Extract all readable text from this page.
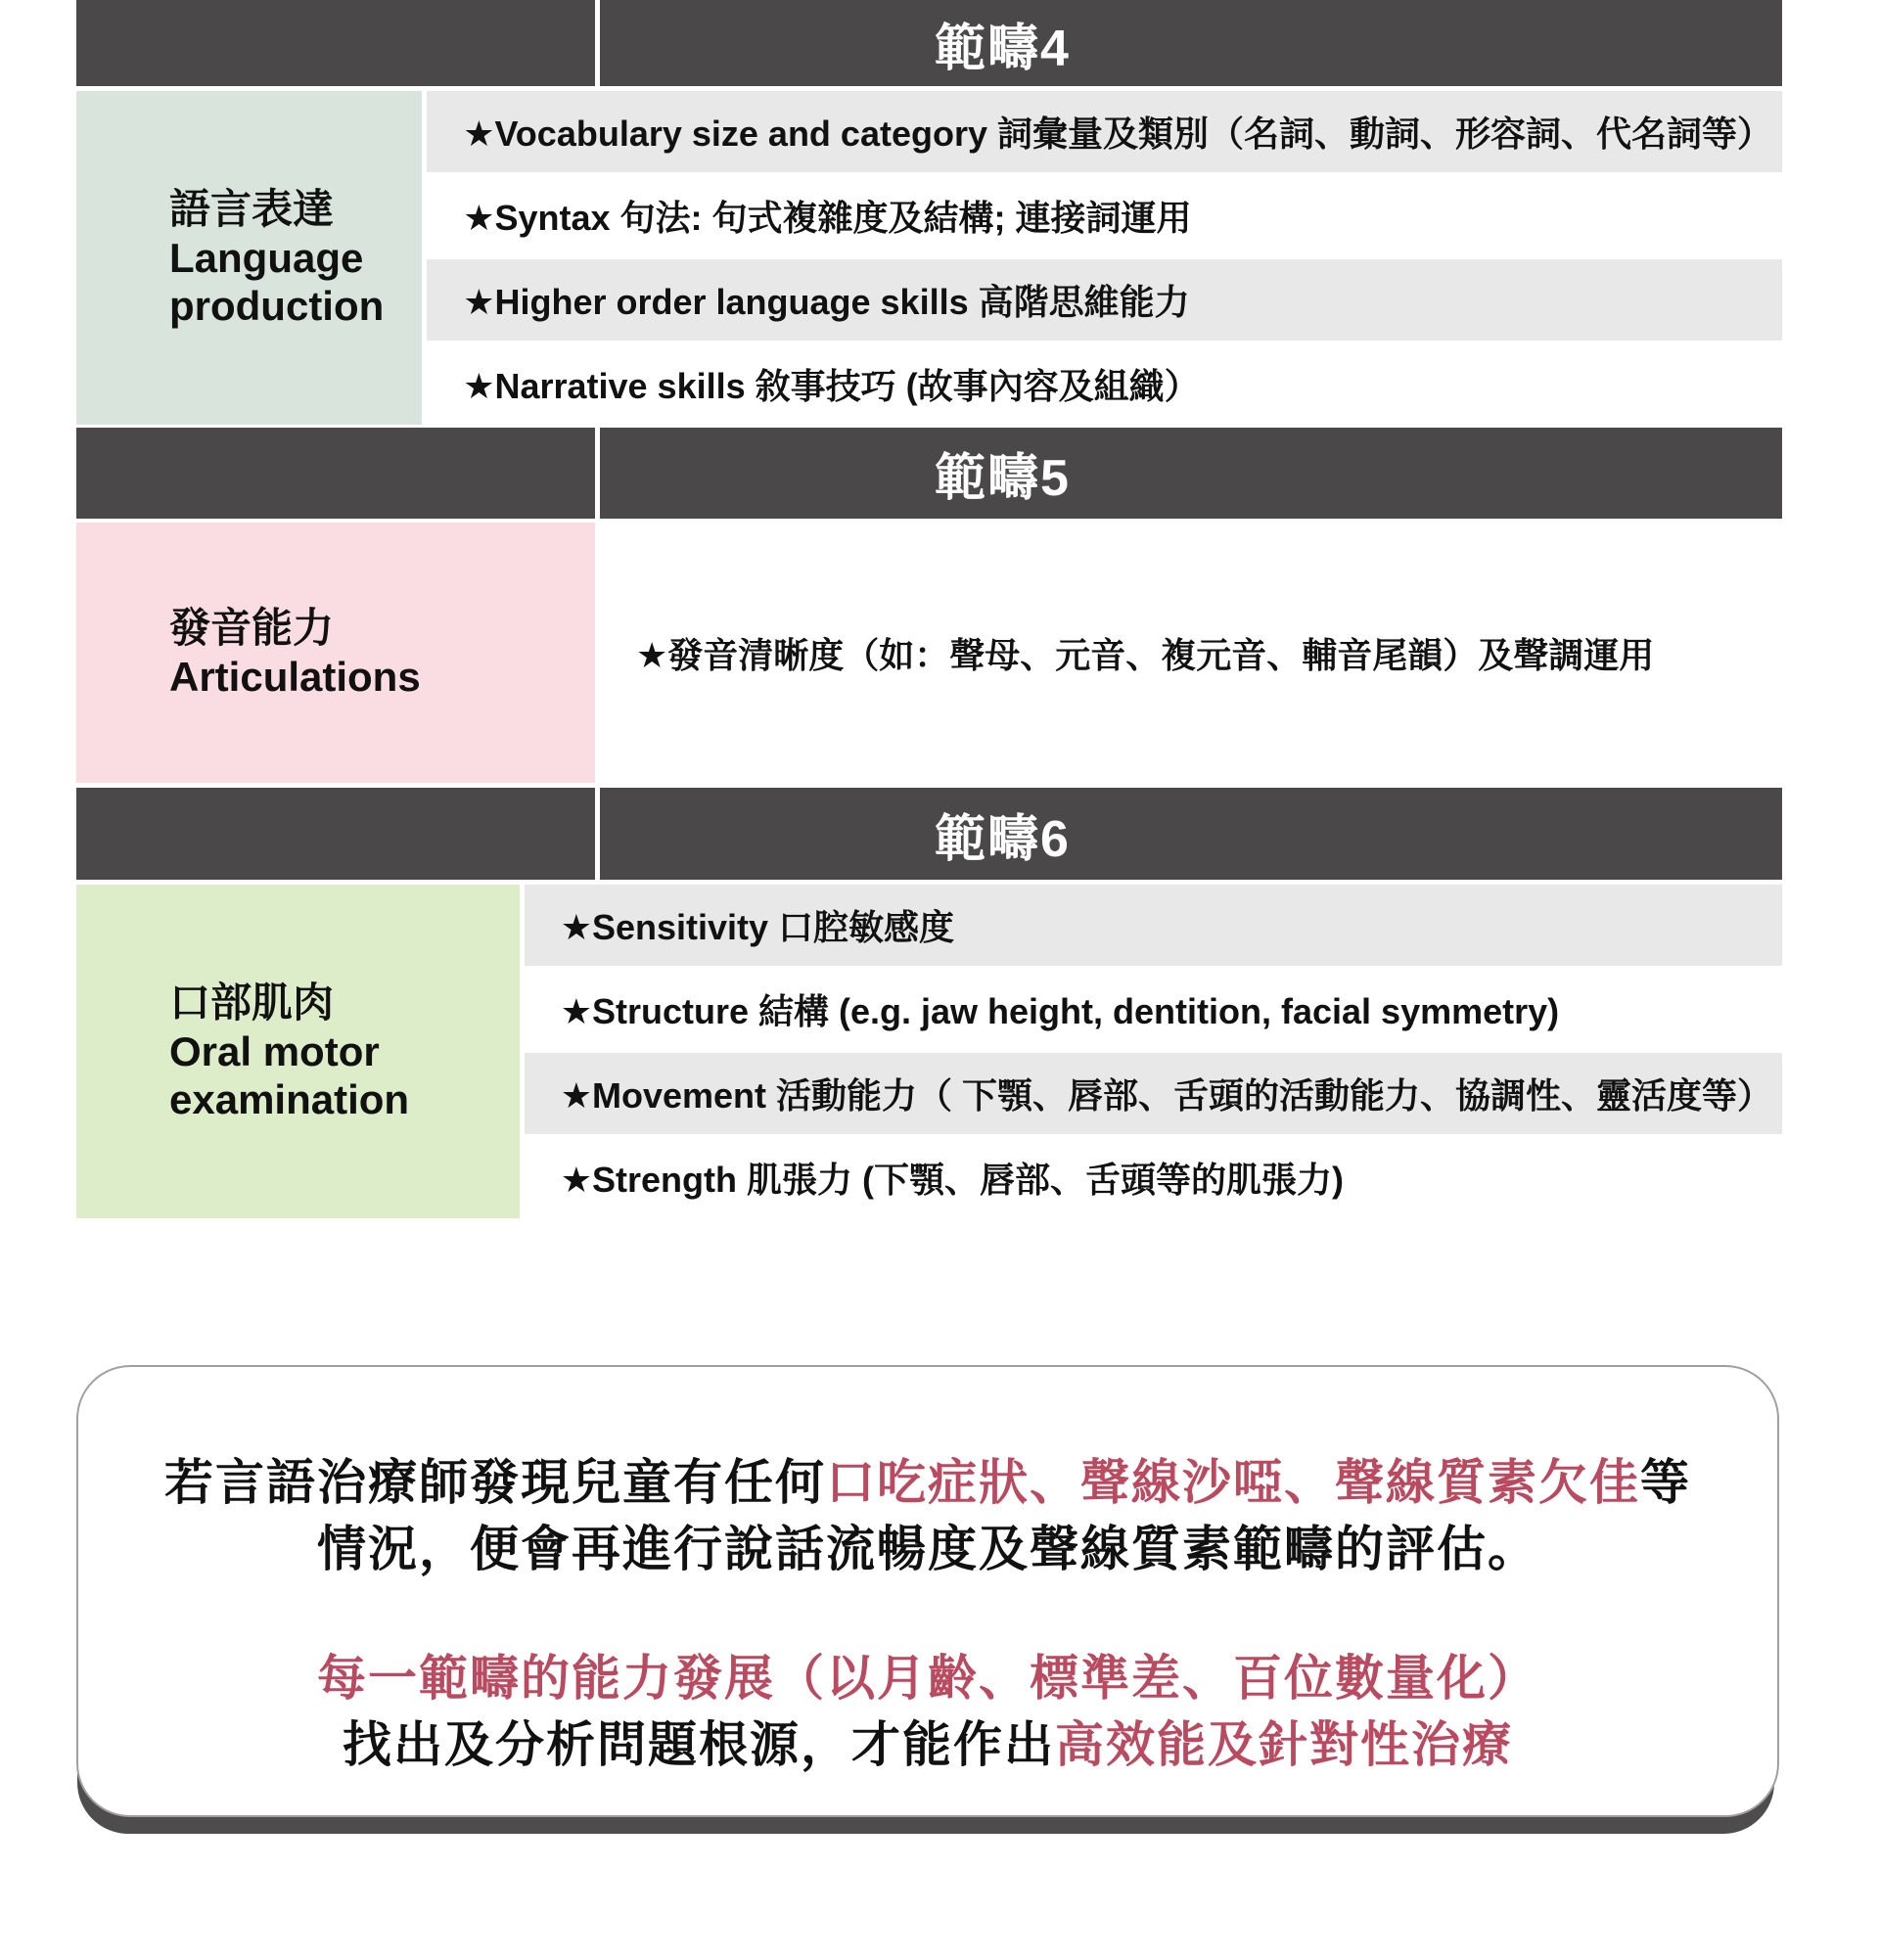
範疇4
語言表達
Language production
★Vocabulary size and category 詞彙量及類別（名詞、動詞、形容詞、代名詞等）
★Syntax 句法: 句式複雜度及結構; 連接詞運用
★Higher order language skills 高階思維能力
★Narrative skills 敘事技巧 (故事內容及組織）
範疇5
發音能力
Articulations	★發音清晰度（如：聲母、元音、複元音、輔音尾韻）及聲調運用
範疇6
口部肌肉
Oral motor examination
★Sensitivity 口腔敏感度
★Structure 結構 (e.g. jaw height, dentition, facial symmetry)
★Movement 活動能力（ 下顎、唇部、舌頭的活動能力、協調性、靈活度等）
★Strength 肌張力 (下顎、唇部、舌頭等的肌張力)
若言語治療師發現兒童有任何口吃症狀、聲線沙啞、聲線質素欠佳等
情況，便會再進行說話流暢度及聲線質素範疇的評估。
每一範疇的能力發展（以月齡、標準差、百位數量化）
找出及分析問題根源，才能作出高效能及針對性治療
